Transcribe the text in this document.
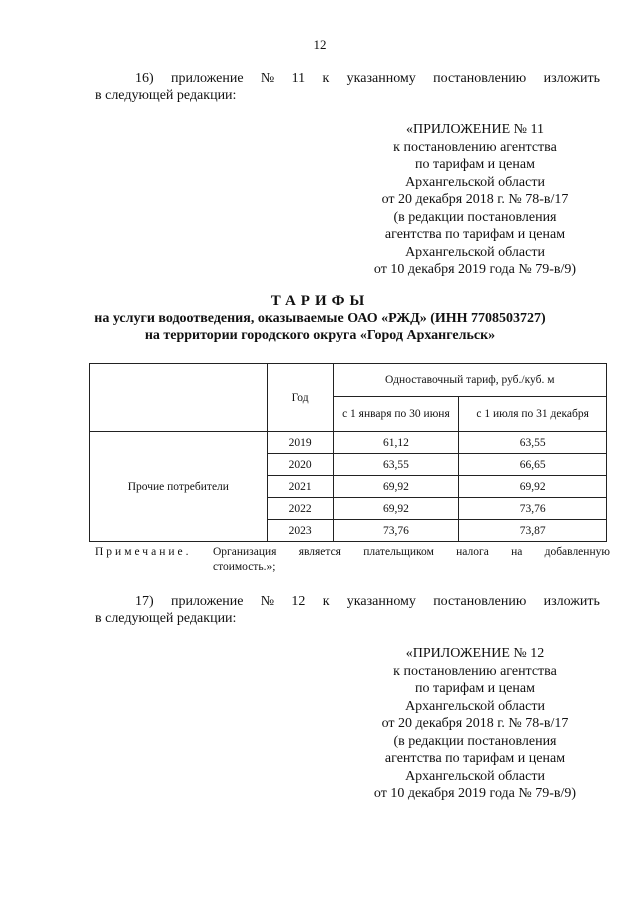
12
16) приложение № 11 к указанному постановлению изложить
в следующей редакции:
«ПРИЛОЖЕНИЕ № 11
к постановлению агентства
по тарифам и ценам
Архангельской области
от 20 декабря 2018 г. № 78-в/17
(в редакции постановления
агентства по тарифам и ценам
Архангельской области
от 10 декабря 2019 года № 79-в/9)
ТАРИФЫ
на услуги водоотведения, оказываемые ОАО «РЖД» (ИНН 7708503727)
на территории городского округа «Город Архангельск»
	Год	Одноставочный тариф, руб./куб. м	
		с 1 января по 30 июня	с 1 июля по 31 декабря
Прочие потребители	2019	61,12	63,55
	2020	63,55	66,65
	2021	69,92	69,92
	2022	69,92	73,76
	2023	73,76	73,87
Примечание.	Организация является плательщиком налога на добавленную
стоимость.»;
17) приложение № 12 к указанному постановлению изложить
в следующей редакции:
«ПРИЛОЖЕНИЕ № 12
к постановлению агентства
по тарифам и ценам
Архангельской области
от 20 декабря 2018 г. № 78-в/17
(в редакции постановления
агентства по тарифам и ценам
Архангельской области
от 10 декабря 2019 года № 79-в/9)
